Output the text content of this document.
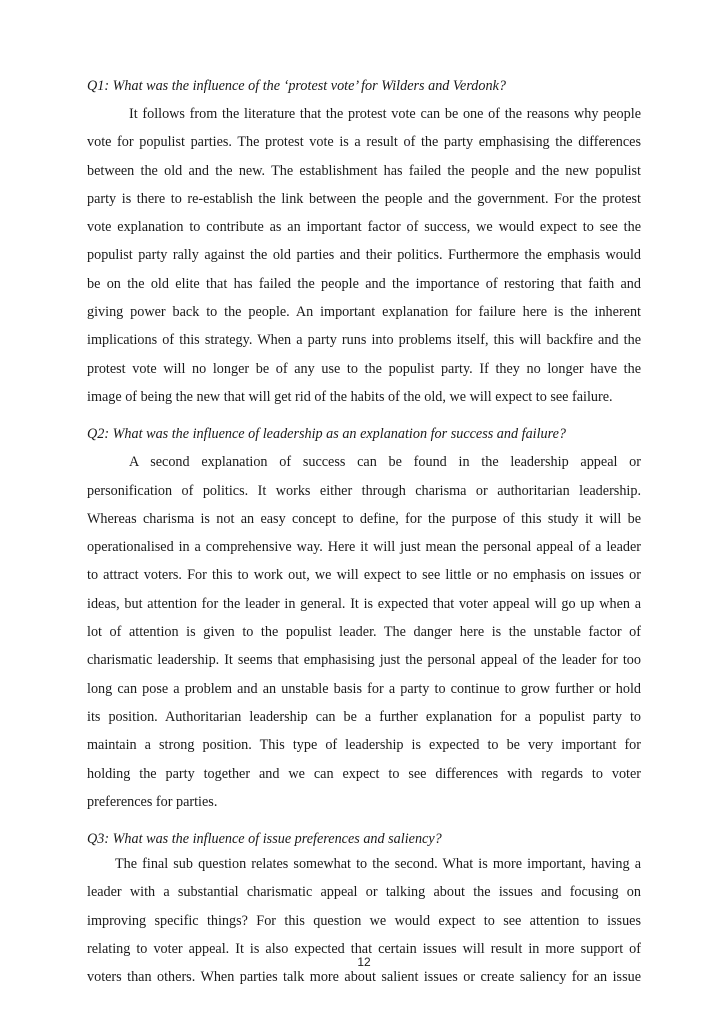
Q1: What was the influence of the ‘protest vote’ for Wilders and Verdonk?

It follows from the literature that the protest vote can be one of the reasons why people
vote for populist parties. The protest vote is a result of the party emphasising the differences
between the old and the new. The establishment has failed the people and the new populist
party is there to re-establish the link between the people and the government. For the protest
vote explanation to contribute as an important factor of success, we would expect to see the
populist party rally against the old parties and their politics. Furthermore the emphasis would
be on the old elite that has failed the people and the importance of restoring that faith and
giving power back to the people. An important explanation for failure here is the inherent
implications of this strategy. When a party runs into problems itself, this will backfire and the
protest vote will no longer be of any use to the populist party. If they no longer have the
image of being the new that will get rid of the habits of the old, we will expect to see failure.

Q2: What was the influence of leadership as an explanation for success and failure?

A second explanation of success can be found in the leadership appeal or
personification of politics. It works either through charisma or authoritarian leadership.
Whereas charisma is not an easy concept to define, for the purpose of this study it will be
operationalised in a comprehensive way. Here it will just mean the personal appeal of a leader
to attract voters. For this to work out, we will expect to see little or no emphasis on issues or
ideas, but attention for the leader in general. It is expected that voter appeal will go up when a
lot of attention is given to the populist leader. The danger here is the unstable factor of
charismatic leadership. It seems that emphasising just the personal appeal of the leader for too
long can pose a problem and an unstable basis for a party to continue to grow further or hold
its position. Authoritarian leadership can be a further explanation for a populist party to
maintain a strong position. This type of leadership is expected to be very important for
holding the party together and we can expect to see differences with regards to voter
preferences for parties.

Q3: What was the influence of issue preferences and saliency?

The final sub question relates somewhat to the second. What is more important, having a
leader with a substantial charismatic appeal or talking about the issues and focusing on
improving specific things? For this question we would expect to see attention to issues
relating to voter appeal. It is also expected that certain issues will result in more support of
voters than others. When parties talk more about salient issues or create saliency for an issue
12
